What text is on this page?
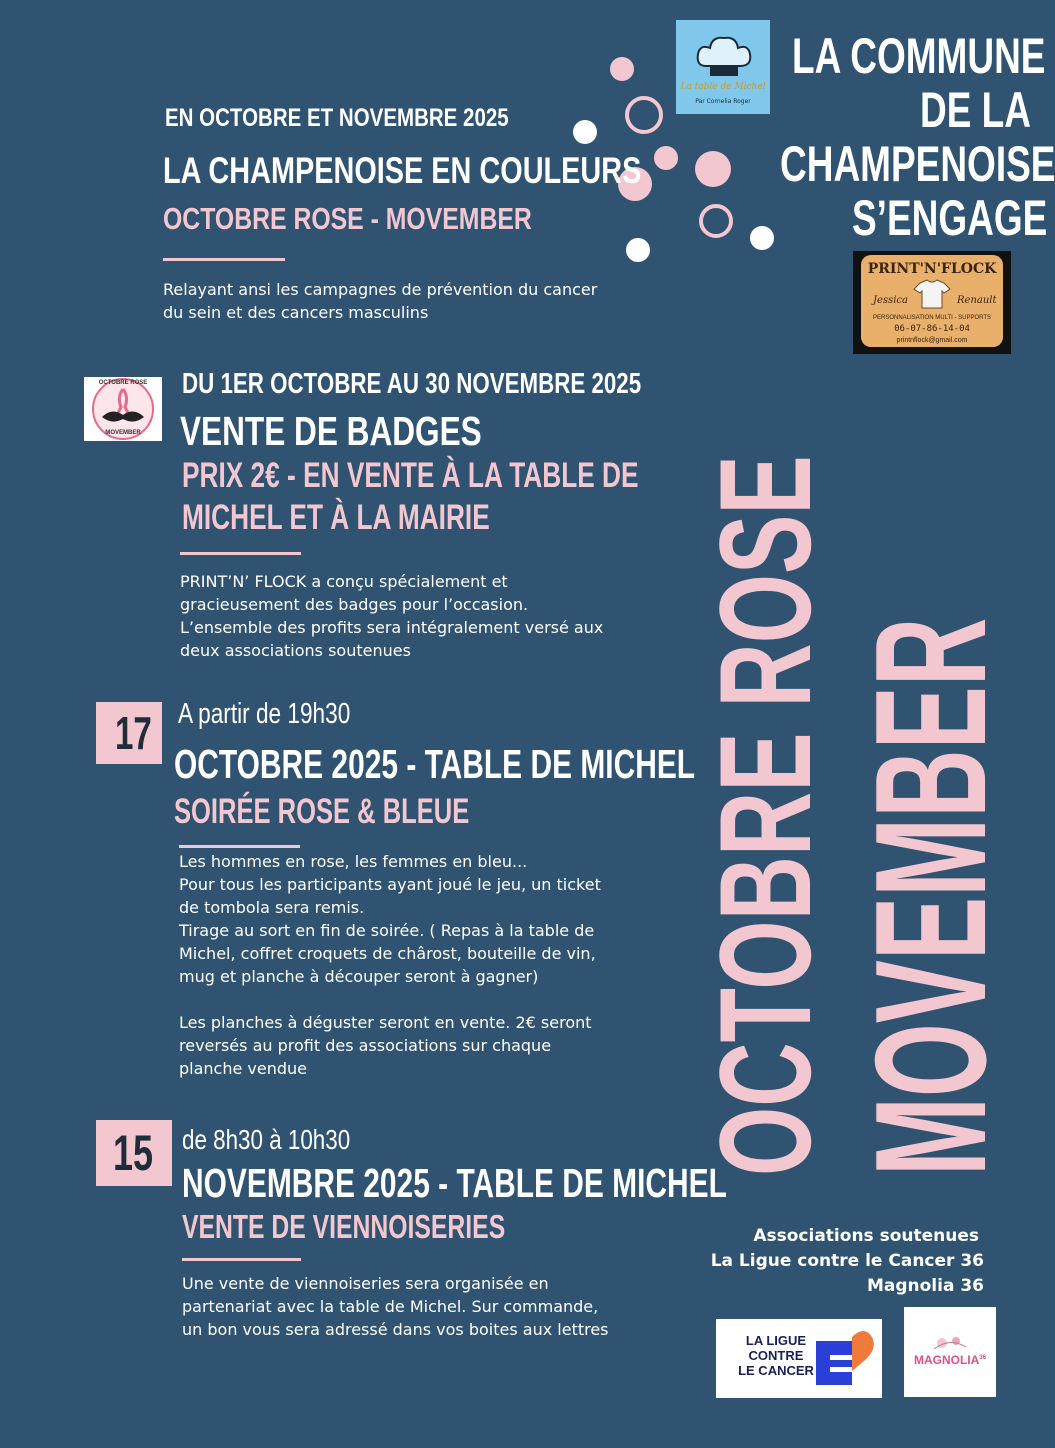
EN OCTOBRE ET NOVEMBRE 2025
LA CHAMPENOISE EN COULEURS
OCTOBRE ROSE - MOVEMBER
Relayant ansi les campagnes de prévention du cancer
du sein et des cancers masculins
LA COMMUNE
DE LA
CHAMPENOISE
S’ENGAGE
La table de Michel
Par Cornelia Roger
PRINT'N'FLOCK
Jessica	Renault
PERSONNALISATION MULTI - SUPPORTS
06-07-86-14-04
printnflock@gmail.com
OCTOBRE ROSE
MOVEMBER
DU 1ER OCTOBRE AU 30 NOVEMBRE 2025
VENTE DE BADGES
PRIX 2€ - EN VENTE À LA TABLE DE
MICHEL ET À LA MAIRIE
PRINT’N’ FLOCK a conçu spécialement et
gracieusement des badges pour l’occasion.
L’ensemble des profits sera intégralement versé aux
deux associations soutenues
17 A partir de 19h30
OCTOBRE 2025 - TABLE DE MICHEL
SOIRÉE ROSE & BLEUE
Les hommes en rose, les femmes en bleu...
Pour tous les participants ayant joué le jeu, un ticket
de tombola sera remis.
Tirage au sort en fin de soirée. ( Repas à la table de
Michel, coffret croquets de chârost, bouteille de vin,
mug et planche à découper seront à gagner)

Les planches à déguster seront en vente. 2€ seront
reversés au profit des associations sur chaque
planche vendue
15 de 8h30 à 10h30
NOVEMBRE 2025 - TABLE DE MICHEL
VENTE DE VIENNOISERIES
Une vente de viennoiseries sera organisée en
partenariat avec la table de Michel. Sur commande,
un bon vous sera adressé dans vos boites aux lettres
OCTOBRE ROSE MOVEMBER
Associations soutenues
La Ligue contre le Cancer 36
Magnolia 36
LA LIGUE
CONTRE
LE CANCER
MAGNOLIA$^{36}$
